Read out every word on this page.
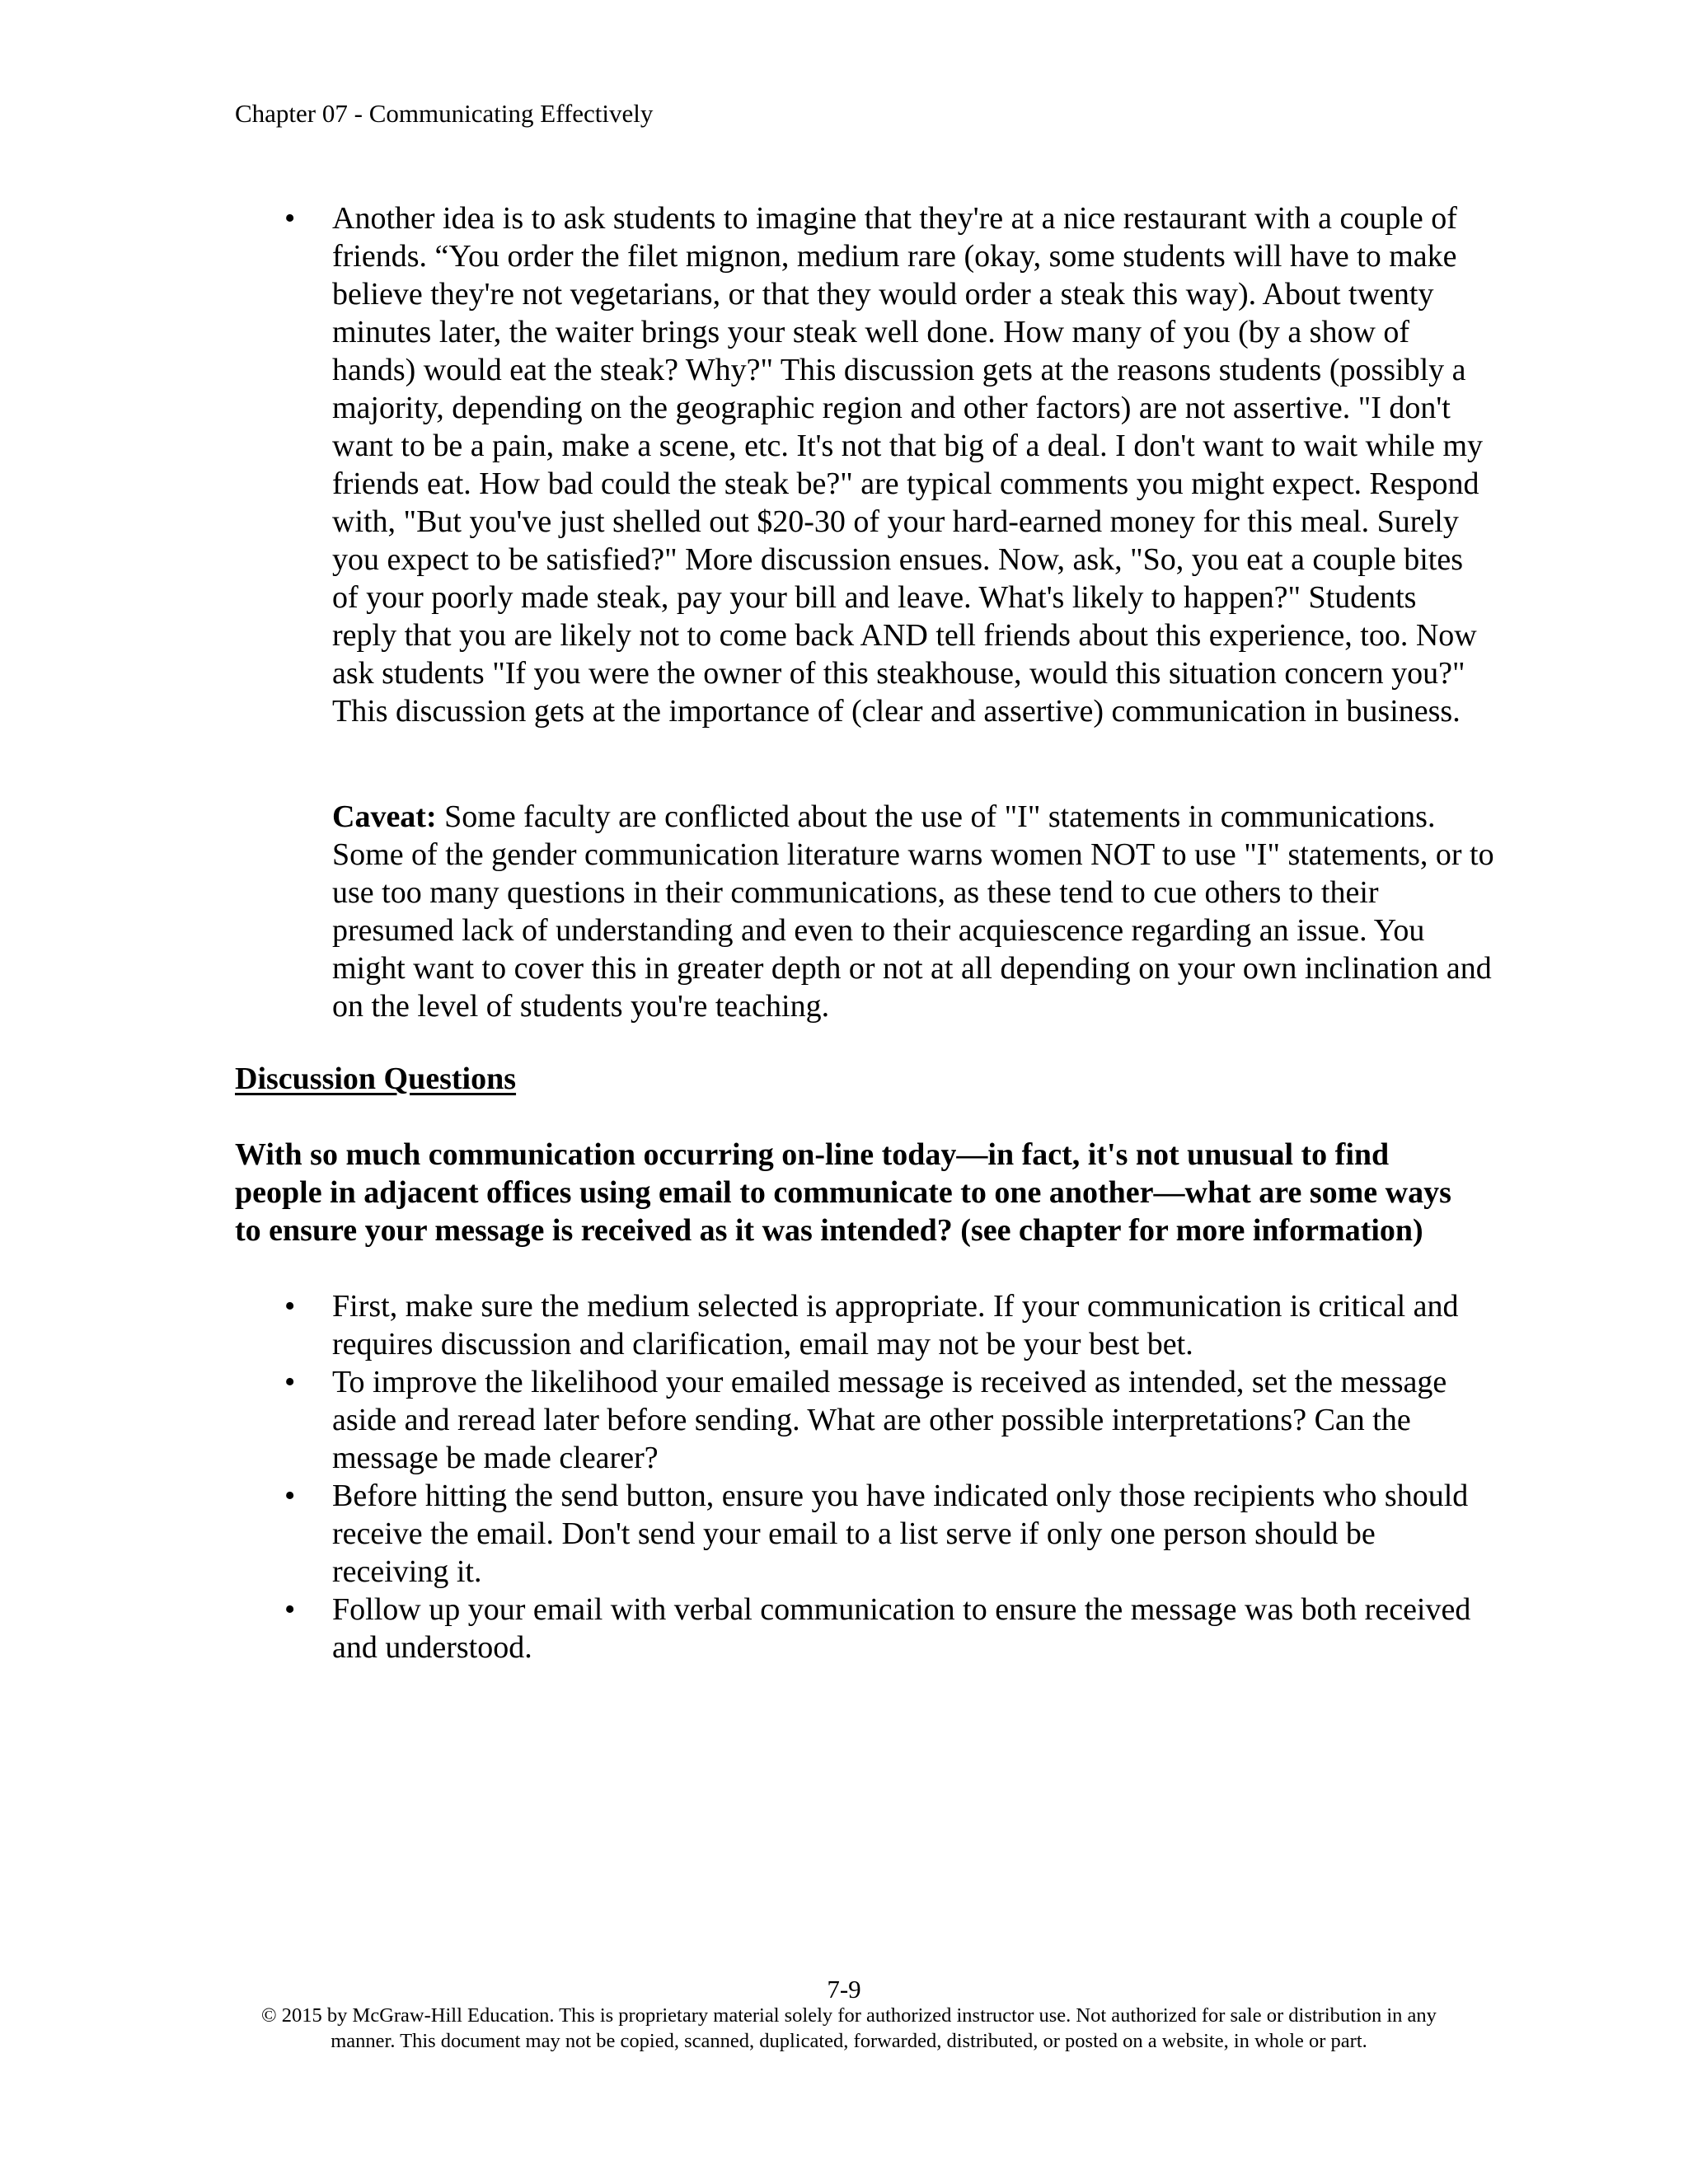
Chapter 07 - Communicating Effectively
• Another idea is to ask students to imagine that they're at a nice restaurant with a couple of friends. “You order the filet mignon, medium rare (okay, some students will have to make believe they're not vegetarians, or that they would order a steak this way). About twenty minutes later, the waiter brings your steak well done. How many of you (by a show of hands) would eat the steak? Why?" This discussion gets at the reasons students (possibly a majority, depending on the geographic region and other factors) are not assertive. "I don't want to be a pain, make a scene, etc. It's not that big of a deal. I don't want to wait while my friends eat. How bad could the steak be?" are typical comments you might expect. Respond with, "But you've just shelled out $20-30 of your hard-earned money for this meal. Surely you expect to be satisfied?" More discussion ensues. Now, ask, "So, you eat a couple bites of your poorly made steak, pay your bill and leave. What's likely to happen?" Students reply that you are likely not to come back AND tell friends about this experience, too. Now ask students "If you were the owner of this steakhouse, would this situation concern you?" This discussion gets at the importance of (clear and assertive) communication in business.

Caveat: Some faculty are conflicted about the use of "I" statements in communications. Some of the gender communication literature warns women NOT to use "I" statements, or to use too many questions in their communications, as these tend to cue others to their presumed lack of understanding and even to their acquiescence regarding an issue. You might want to cover this in greater depth or not at all depending on your own inclination and on the level of students you're teaching.

Discussion Questions

With so much communication occurring on-line today—in fact, it's not unusual to find people in adjacent offices using email to communicate to one another—what are some ways to ensure your message is received as it was intended? (see chapter for more information)

• First, make sure the medium selected is appropriate. If your communication is critical and requires discussion and clarification, email may not be your best bet.
• To improve the likelihood your emailed message is received as intended, set the message aside and reread later before sending. What are other possible interpretations? Can the message be made clearer?
• Before hitting the send button, ensure you have indicated only those recipients who should receive the email. Don't send your email to a list serve if only one person should be receiving it.
• Follow up your email with verbal communication to ensure the message was both received and understood.
7-9
© 2015 by McGraw-Hill Education. This is proprietary material solely for authorized instructor use. Not authorized for sale or distribution in any manner. This document may not be copied, scanned, duplicated, forwarded, distributed, or posted on a website, in whole or part.
